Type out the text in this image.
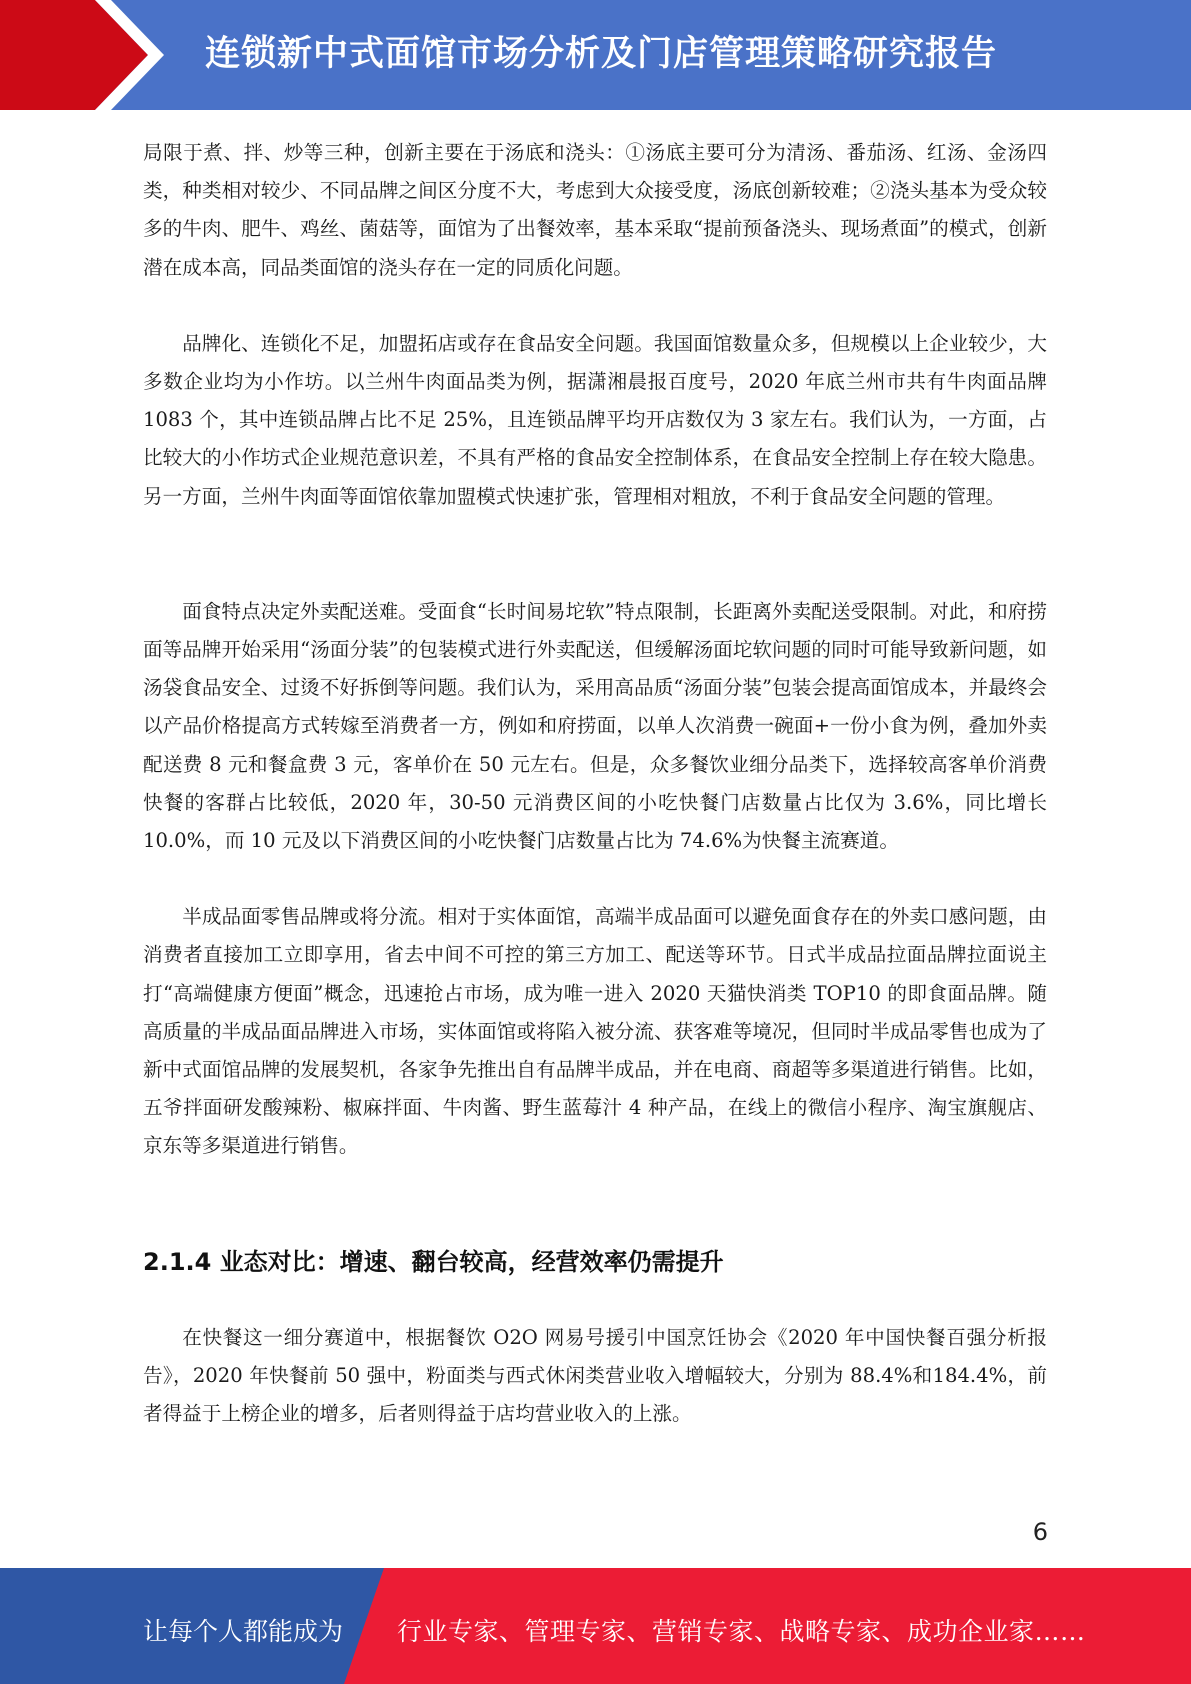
连锁新中式面馆市场分析及门店管理策略研究报告

局限于煮、拌、炒等三种，创新主要在于汤底和浇头：①汤底主要可分为清汤、番茄汤、红汤、金汤四类，种类相对较少、不同品牌之间区分度不大，考虑到大众接受度，汤底创新较难；②浇头基本为受众较多的牛肉、肥牛、鸡丝、菌菇等，面馆为了出餐效率，基本采取“提前预备浇头、现场煮面”的模式，创新潜在成本高，同品类面馆的浇头存在一定的同质化问题。

品牌化、连锁化不足，加盟拓店或存在食品安全问题。我国面馆数量众多，但规模以上企业较少，大多数企业均为小作坊。以兰州牛肉面品类为例，据潇湘晨报百度号，2020 年底兰州市共有牛肉面品牌 1083 个，其中连锁品牌占比不足 25%，且连锁品牌平均开店数仅为 3 家左右。我们认为，一方面，占比较大的小作坊式企业规范意识差，不具有严格的食品安全控制体系，在食品安全控制上存在较大隐患。另一方面，兰州牛肉面等面馆依靠加盟模式快速扩张，管理相对粗放，不利于食品安全问题的管理。

面食特点决定外卖配送难。受面食“长时间易坨软”特点限制，长距离外卖配送受限制。对此，和府捞面等品牌开始采用“汤面分装”的包装模式进行外卖配送，但缓解汤面坨软问题的同时可能导致新问题，如汤袋食品安全、过烫不好拆倒等问题。我们认为，采用高品质“汤面分装”包装会提高面馆成本，并最终会以产品价格提高方式转嫁至消费者一方，例如和府捞面，以单人次消费一碗面+一份小食为例，叠加外卖配送费 8 元和餐盒费 3 元，客单价在 50 元左右。但是，众多餐饮业细分品类下，选择较高客单价消费快餐的客群占比较低，2020 年，30-50 元消费区间的小吃快餐门店数量占比仅为 3.6%，同比增长 10.0%，而 10 元及以下消费区间的小吃快餐门店数量占比为 74.6%为快餐主流赛道。

半成品面零售品牌或将分流。相对于实体面馆，高端半成品面可以避免面食存在的外卖口感问题，由消费者直接加工立即享用，省去中间不可控的第三方加工、配送等环节。日式半成品拉面品牌拉面说主打“高端健康方便面”概念，迅速抢占市场，成为唯一进入 2020 天猫快消类 TOP10 的即食面品牌。随高质量的半成品面品牌进入市场，实体面馆或将陷入被分流、获客难等境况，但同时半成品零售也成为了新中式面馆品牌的发展契机，各家争先推出自有品牌半成品，并在电商、商超等多渠道进行销售。比如，五爷拌面研发酸辣粉、椒麻拌面、牛肉酱、野生蓝莓汁 4 种产品，在线上的微信小程序、淘宝旗舰店、京东等多渠道进行销售。

2.1.4 业态对比：增速、翻台较高，经营效率仍需提升

在快餐这一细分赛道中，根据餐饮 O2O 网易号援引中国烹饪协会《2020 年中国快餐百强分析报告》，2020 年快餐前 50 强中，粉面类与西式休闲类营业收入增幅较大，分别为 88.4%和184.4%，前者得益于上榜企业的增多，后者则得益于店均营业收入的上涨。

6
让每个人都能成为 行业专家、管理专家、营销专家、战略专家、成功企业家……
